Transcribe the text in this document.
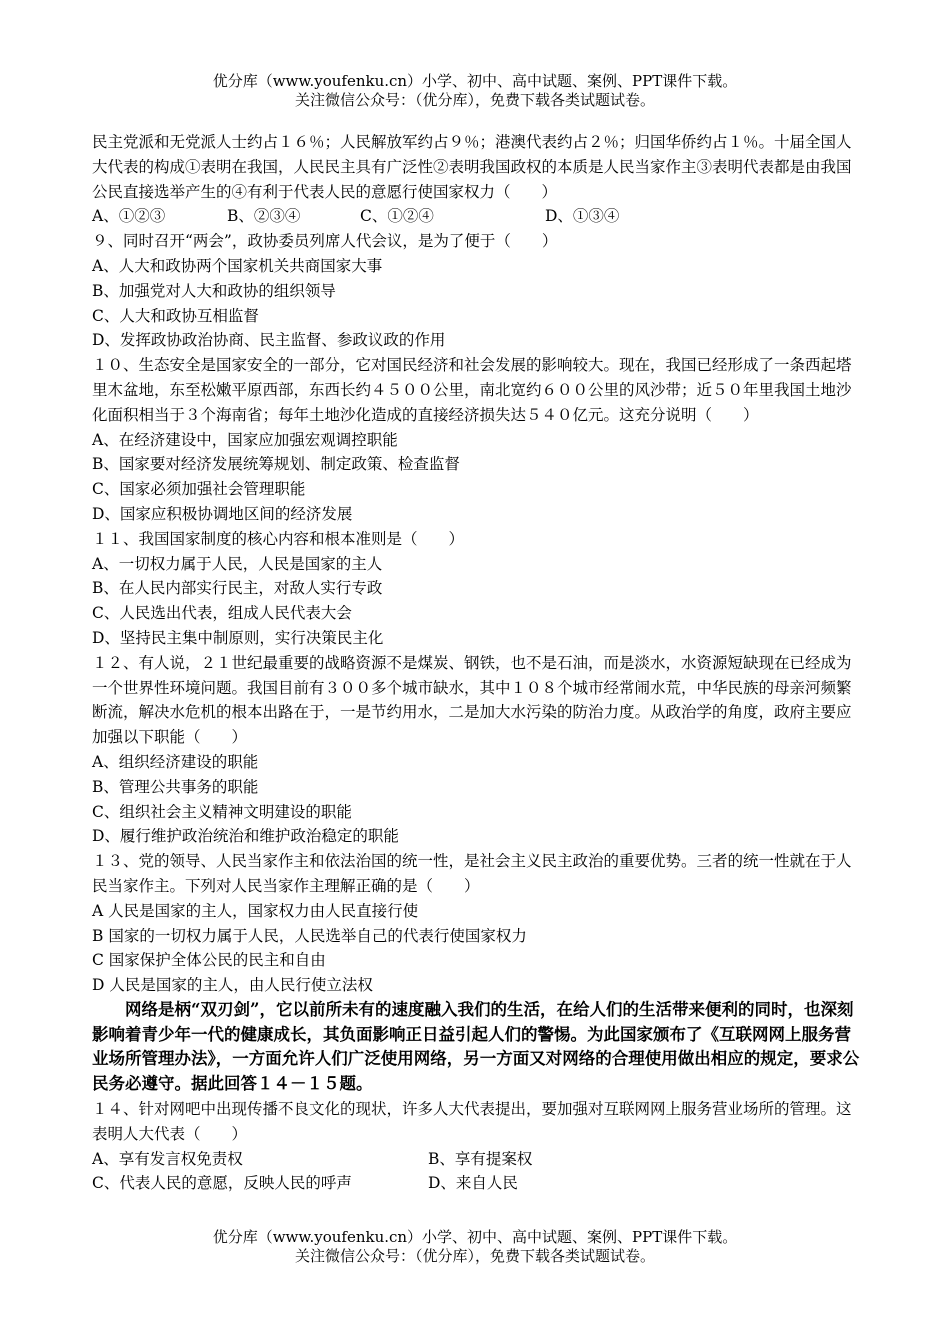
优分库（www.youfenku.cn）小学、初中、高中试题、案例、PPT课件下载。
关注微信公众号：（优分库），免费下载各类试题试卷。

民主党派和无党派人士约占１６％；人民解放军约占９％；港澳代表约占２％；归国华侨约占１％。十届全国人大代表的构成①表明在我国，人民民主具有广泛性②表明我国政权的本质是人民当家作主③表明代表都是由我国　公民直接选举产生的④有利于代表人民的意愿行使国家权力（　　）

A、①②③	B、②③④	C、①②④	D、①③④

９、同时召开“两会”，政协委员列席人代会议，是为了便于（　　）

A、人大和政协两个国家机关共商国家大事

B、加强党对人大和政协的组织领导

C、人大和政协互相监督

D、发挥政协政治协商、民主监督、参政议政的作用

１０、生态安全是国家安全的一部分，它对国民经济和社会发展的影响较大。现在，我国已经形成了一条西起塔里木盆地，东至松嫩平原西部，东西长约４５００公里，南北宽约６００公里的风沙带；近５０年里我国土地沙化面积相当于３个海南省；每年土地沙化造成的直接经济损失达５４０亿元。这充分说明（　　）

A、在经济建设中，国家应加强宏观调控职能

B、国家要对经济发展统筹规划、制定政策、检查监督

C、国家必须加强社会管理职能

D、国家应积极协调地区间的经济发展

１１、我国国家制度的核心内容和根本准则是（　　）

A、一切权力属于人民，人民是国家的主人

B、在人民内部实行民主，对敌人实行专政

C、人民选出代表，组成人民代表大会

D、坚持民主集中制原则，实行决策民主化

１２、有人说，２１世纪最重要的战略资源不是煤炭、钢铁，也不是石油，而是淡水，水资源短缺现在已经成为一个世界性环境问题。我国目前有３００多个城市缺水，其中１０８个城市经常闹水荒，中华民族的母亲河频繁断流，解决水危机的根本出路在于，一是节约用水，二是加大水污染的防治力度。从政治学的角度，政府主要应加强以下职能（　　）

A、组织经济建设的职能

B、管理公共事务的职能

C、组织社会主义精神文明建设的职能

D、履行维护政治统治和维护政治稳定的职能

１３、党的领导、人民当家作主和依法治国的统一性，是社会主义民主政治的重要优势。三者的统一性就在于人民当家作主。下列对人民当家作主理解正确的是（　　）

A 人民是国家的主人，国家权力由人民直接行使

B 国家的一切权力属于人民，人民选举自己的代表行使国家权力

C 国家保护全体公民的民主和自由

D 人民是国家的主人，由人民行使立法权

网络是柄“双刃剑”，它以前所未有的速度融入我们的生活，在给人们的生活带来便利的同时，也深刻影响着青少年一代的健康成长，其负面影响正日益引起人们的警惕。为此国家颁布了《互联网网上服务营业场所管理办法》，一方面允许人们广泛使用网络，另一方面又对网络的合理使用做出相应的规定，要求公民务必遵守。据此回答１４－１５题。

１４、针对网吧中出现传播不良文化的现状，许多人大代表提出，要加强对互联网网上服务营业场所的管理。这表明人大代表（　　）

A、享有发言权免责权	B、享有提案权

C、代表人民的意愿，反映人民的呼声	D、来自人民

优分库（www.youfenku.cn）小学、初中、高中试题、案例、PPT课件下载。
关注微信公众号：（优分库），免费下载各类试题试卷。
